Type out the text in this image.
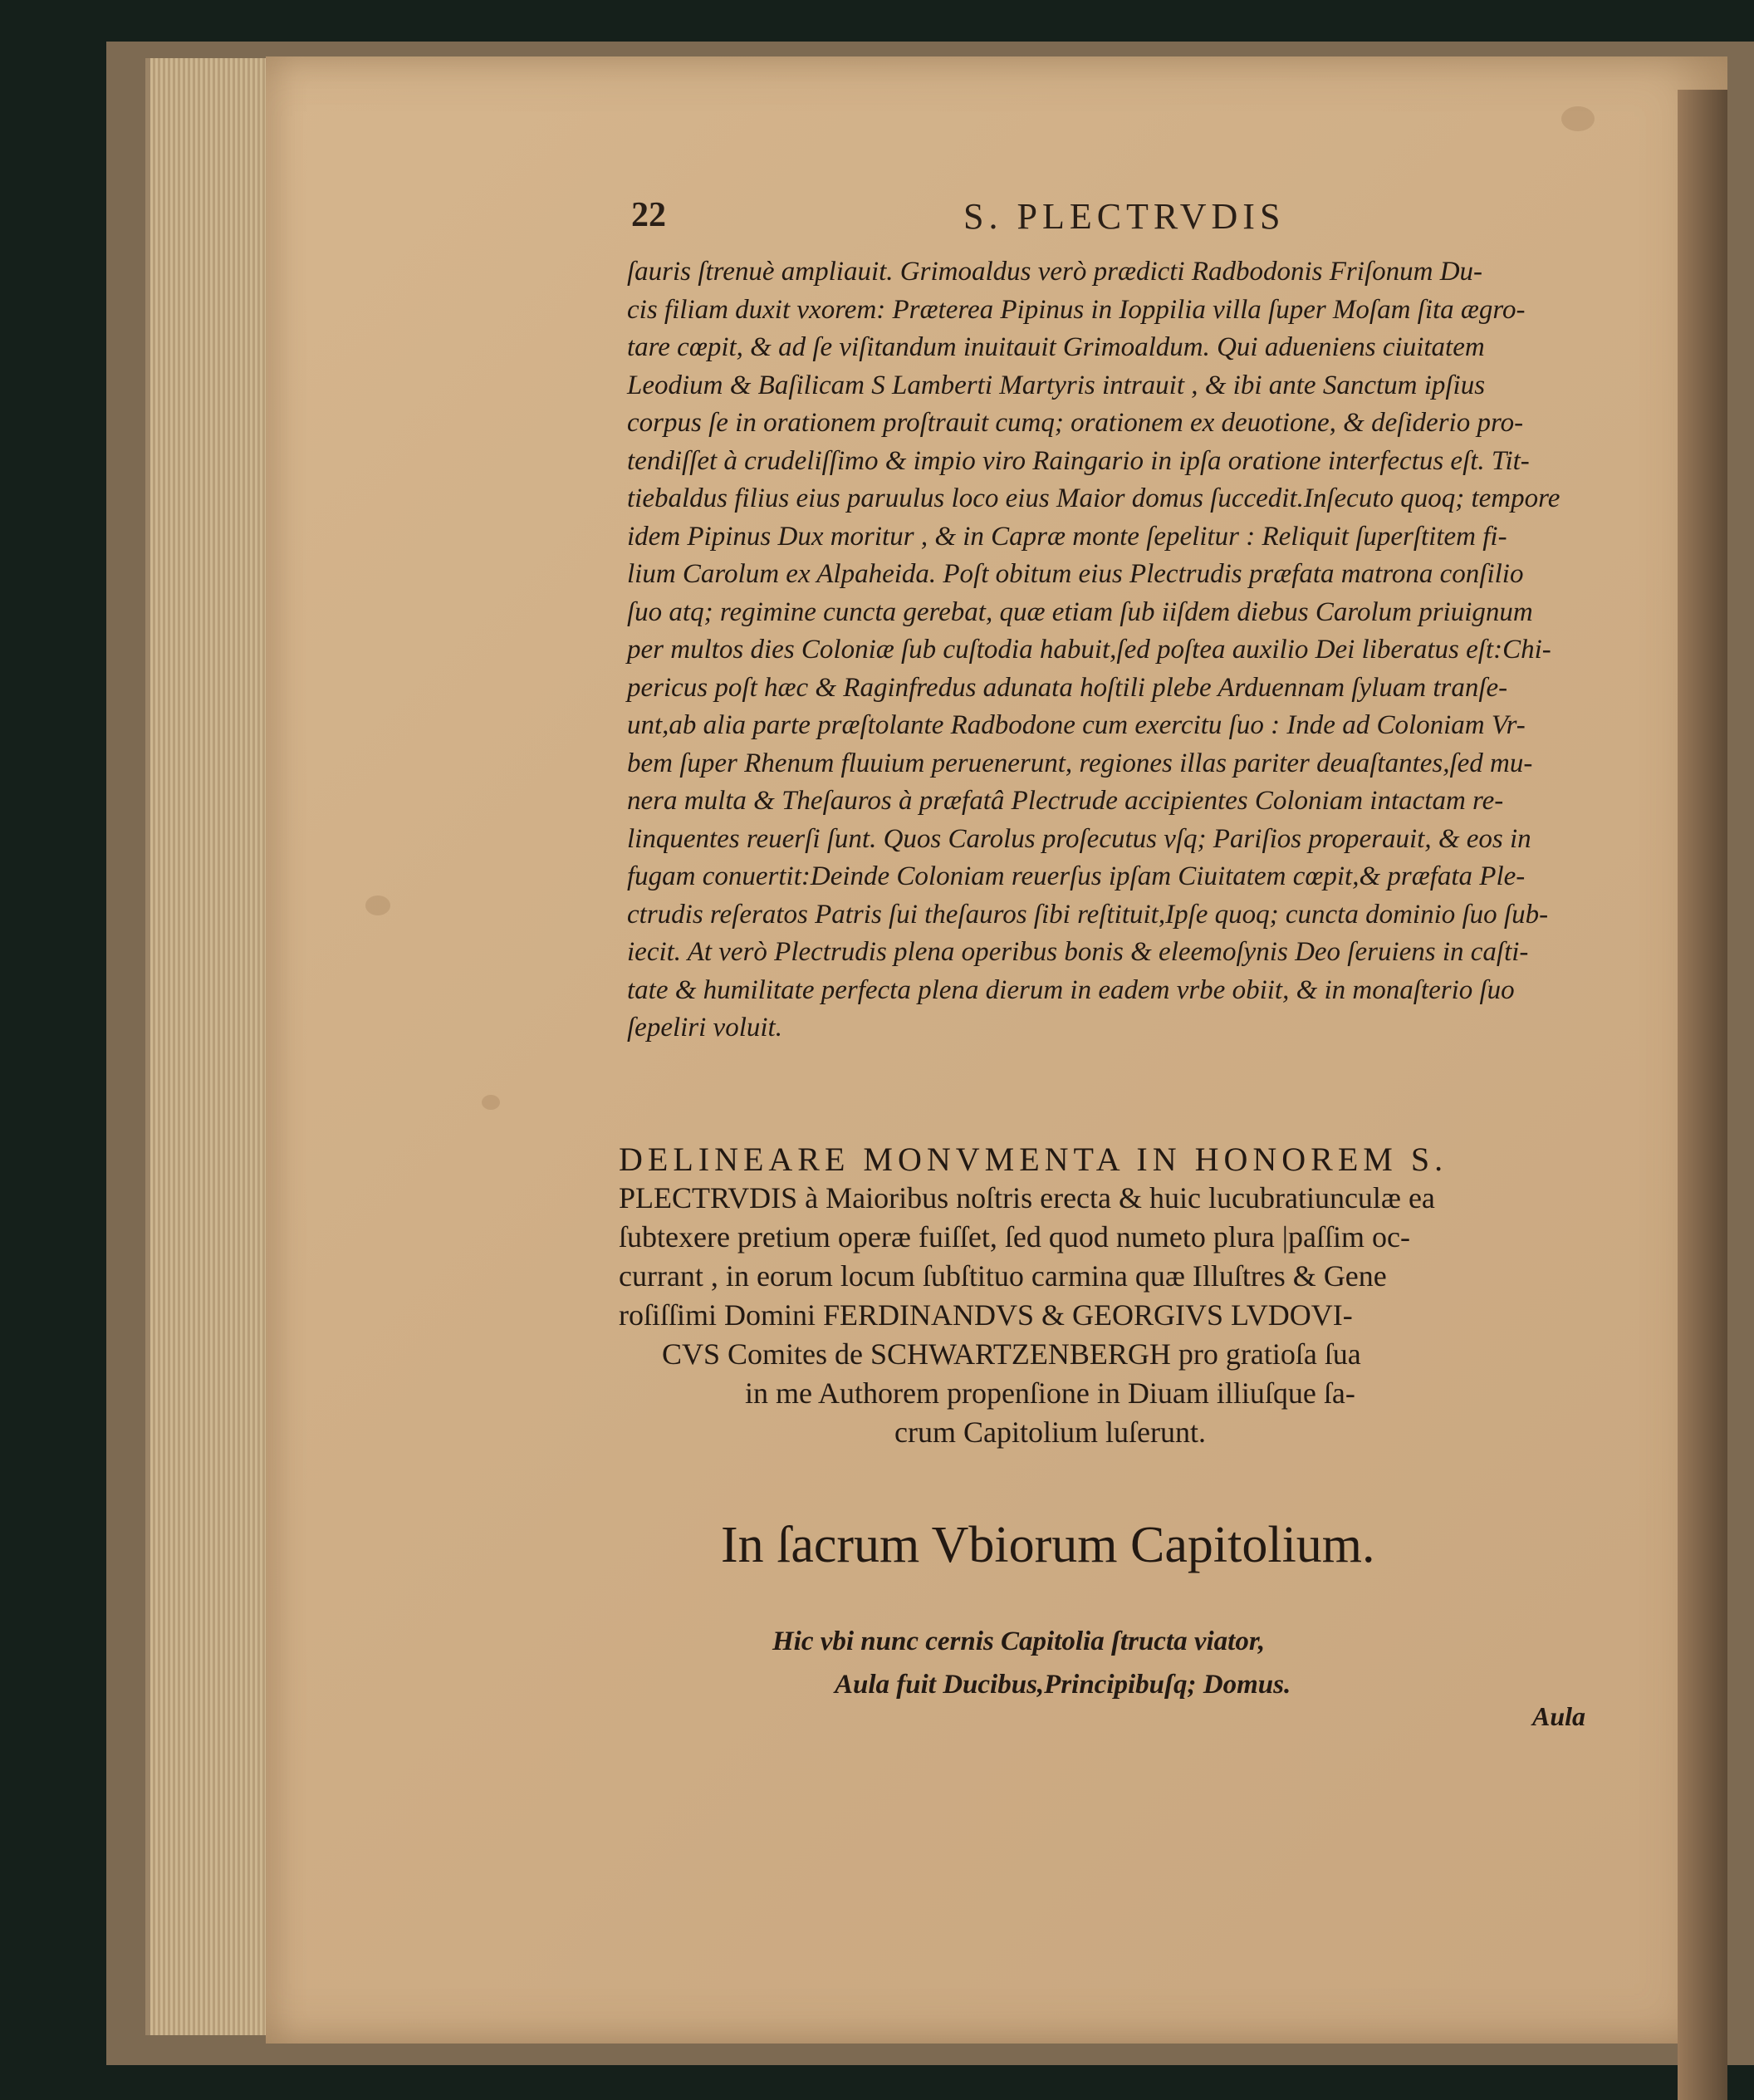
22	S. PLECTRVDIS

ſauris ſtrenuè ampliauit. Grimoaldus verò prædicti Radbodonis Friſonum Du-

cis filiam duxit vxorem: Præterea Pipinus in Ioppilia villa ſuper Moſam ſita ægro-

tare cœpit, & ad ſe viſitandum inuitauit Grimoaldum. Qui adueniens ciuitatem

Leodium & Baſilicam S Lamberti Martyris intrauit , & ibi ante Sanctum ipſius

corpus ſe in orationem proſtrauit cumq; orationem ex deuotione, & deſiderio pro-

tendiſſet à crudeliſſimo & impio viro Raingario in ipſa oratione interfectus eſt. Tit-

tiebaldus filius eius paruulus loco eius Maior domus ſuccedit.Inſecuto quoq; tempore

idem Pipinus Dux moritur , & in Capræ monte ſepelitur : Reliquit ſuperſtitem fi-

lium Carolum ex Alpaheida. Poſt obitum eius Plectrudis præfata matrona conſilio

ſuo atq; regimine cuncta gerebat, quæ etiam ſub iiſdem diebus Carolum priuignum

per multos dies Coloniæ ſub cuſtodia habuit,ſed poſtea auxilio Dei liberatus eſt:Chi-

pericus poſt hæc & Raginfredus adunata hoſtili plebe Arduennam ſyluam tranſe-

unt,ab alia parte præſtolante Radbodone cum exercitu ſuo : Inde ad Coloniam Vr-

bem ſuper Rhenum fluuium peruenerunt, regiones illas pariter deuaſtantes,ſed mu-

nera multa & Theſauros à præfatâ Plectrude accipientes Coloniam intactam re-

linquentes reuerſi ſunt. Quos Carolus proſecutus vſq; Pariſios properauit, & eos in

fugam conuertit:Deinde Coloniam reuerſus ipſam Ciuitatem cœpit,& præfata Ple-

ctrudis reſeratos Patris ſui theſauros ſibi reſtituit,Ipſe quoq; cuncta dominio ſuo ſub-

iecit. At verò Plectrudis plena operibus bonis & eleemoſynis Deo ſeruiens in caſti-

tate & humilitate perfecta plena dierum in eadem vrbe obiit, & in monaſterio ſuo

ſepeliri voluit.

DELINEARE MONVMENTA IN HONOREM S.

PLECTRVDIS à Maioribus noſtris erecta & huic lucubratiunculæ ea

ſubtexere pretium operæ fuiſſet, ſed quod numeto plura |paſſim oc-

currant , in eorum locum ſubſtituo carmina quæ Illuſtres & Gene

roſiſſimi Domini FERDINANDVS & GEORGIVS LVDOVI-

CVS Comites de SCHWARTZENBERGH pro gratioſa ſua

in me Authorem propenſione in Diuam illiuſque ſa-

crum Capitolium luſerunt.

In ſacrum Vbiorum Capitolium.

Hic vbi nunc cernis Capitolia ſtructa viator,

Aula fuit Ducibus,Principibuſq; Domus.

Aula
